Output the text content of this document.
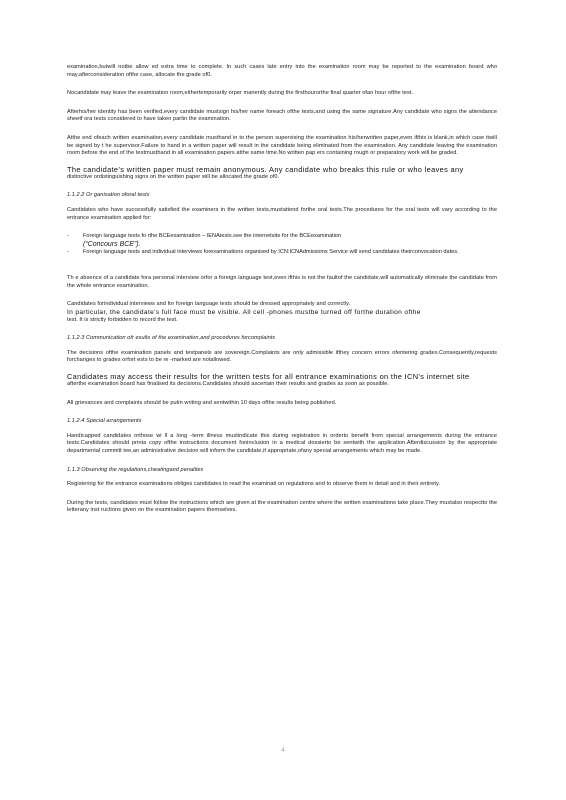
examination,butwill notbe allow ed extra time to complete. In such cases late entry into the examination room may be reported to the examination board who may,afterconsideration ofthe case, allocate the grade of0.

Nocandidate may leave the examination room,eithertemporarily orper manently during the firsthourorthe final quarter ofan hour ofthe test.

Afterhis/her identity has been verified,every candidate mustsign his/her name foreach ofthe tests,and using the same signature.Any candidate who signs the attendance sheetf ora tests considered to have taken partin the examination.

Atthe end ofeach written examination,every candidate musthand in to the person supervising the examination his/herwritten paper,even ifthis is blank,in which case itwill be signed by t he supervisor.Failure to hand in a written paper will result in the candidate being eliminated from the examination. Any candidate leaving the examination room before the end of the testmusthand in all examination papers atthe same time.No written pap ers containing rough or preparatory work will be graded.

The candidate’s written paper must remain anonymous. Any candidate who breaks this rule or who leaves any

distinctive ordistinguishing signs on the written paper will be allocated the grade of0.

1.1.2.2 Or ganisation oforal tests

Candidates who have successfully satisfied the examiners in the written tests,mustattend forthe oral tests.The procedures for the oral tests will vary according to the entrance examination applied for:

-	Foreign language tests fo rthe BCEexamination – IENAtests.see the internetsite for the BCEexamination
(“Concours BCE”).
-	Foreign language tests and individual interviews forexaminations organised by ICN:ICNAdmissions Service will send candidates theirconvocation dates.

Th e absence of a candidate fora personal interview orfor a foreign language test,even ifthis is not the faultof the candidate,will automatically eliminate the candidate from the whole entrance examination.

Candidates forindividual interviews and for foreign language tests should be dressed appropriately and correctly.

In particular, the candidate’s full face must be visible. All cell -phones mustbe turned off forthe duration ofthe

test. It is strictly forbidden to record the test.

1.1.2.3 Communication ofr esults of the examination,and procedures forcomplaints

The decisions ofthe examination panels and testpanels are sovereign.Complaints are only admissible ifthey concern errors ofentering grades.Consequently,requests forchanges to grades orfort ests to be re -marked are notallowed.

Candidates may access their results for the written tests for all entrance examinations on the ICN’s internet site

afterthe examination board has finalised its decisions.Candidates should ascertain their results and grades as soon as possible.

All grievances and complaints should be putin writing and sentwithin 10 days ofthe results being published.

1.1.2.4 Special arrangements

Handicapped candidates orthose wi ll a long -term illness mustindicate this during registration in orderto benefit from special arrangements during the entrance tests.Candidates should printa copy ofthe instructions document foninclusion in a medical dossierto be sentwith the application.Afterdiscussion by the appropriate departmental committ tee,an administrative decision will inform the candidate,if appropriate,ofany special arrangements which may be made.

1.1.3 Observing the regulations,cheatingand penalties

Registering for the entrance examinations obliges candidates to read the examinati on regulations and to observe them in detail and in their entirety.

During the tests, candidates must follow the instructions which are given at the examination centre where the written examinations take place.They mustalso respectto the letterany inst ructions given on the examination papers themselves.

4
